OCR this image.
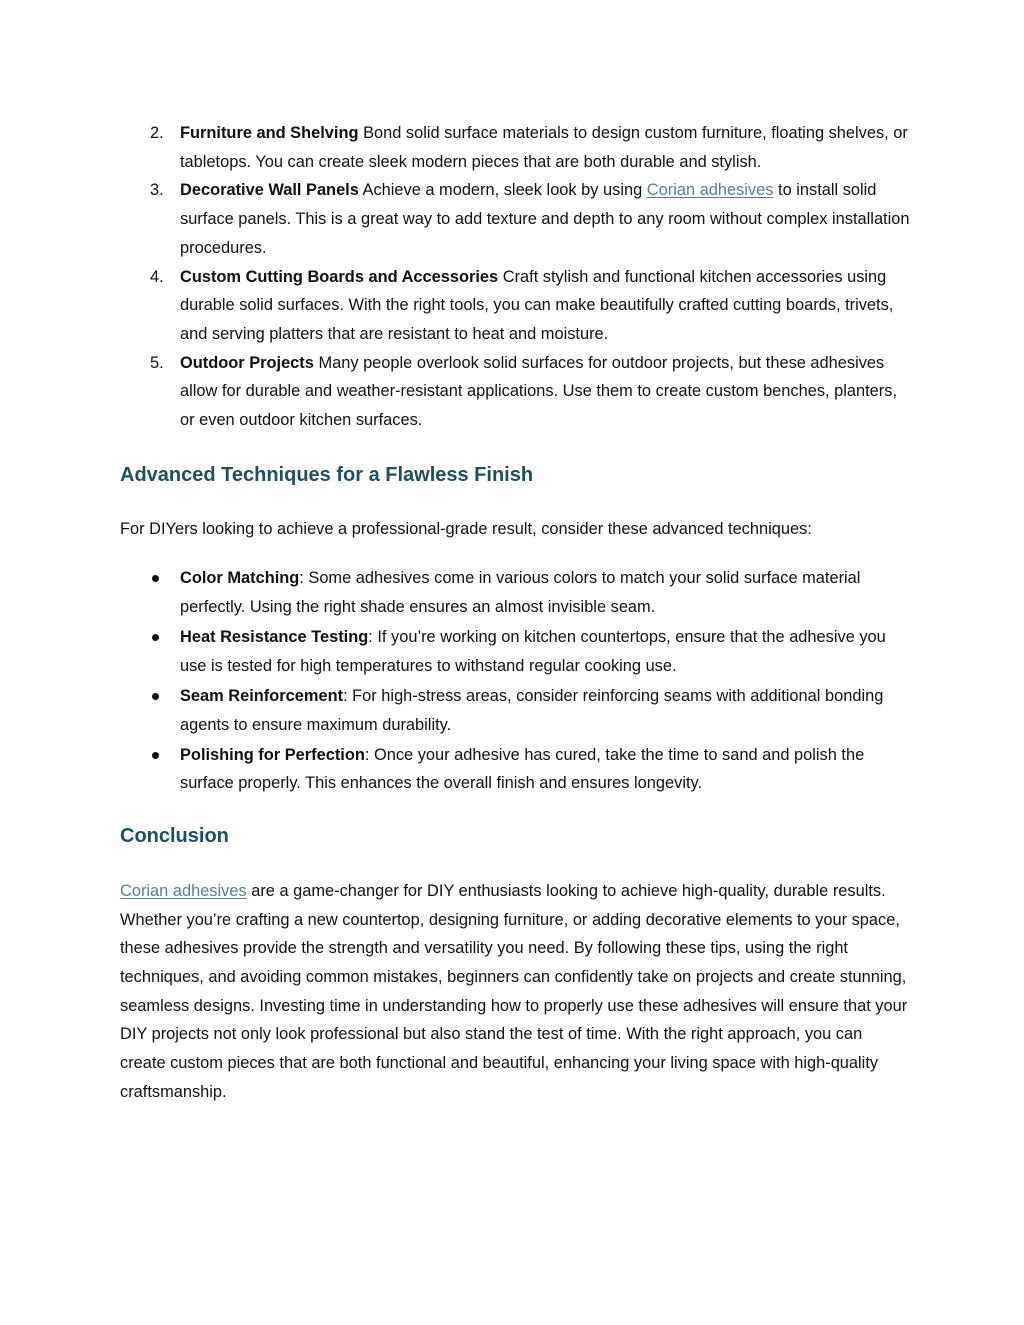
2. Furniture and Shelving Bond solid surface materials to design custom furniture, floating shelves, or tabletops. You can create sleek modern pieces that are both durable and stylish.
3. Decorative Wall Panels Achieve a modern, sleek look by using Corian adhesives to install solid surface panels. This is a great way to add texture and depth to any room without complex installation procedures.
4. Custom Cutting Boards and Accessories Craft stylish and functional kitchen accessories using durable solid surfaces. With the right tools, you can make beautifully crafted cutting boards, trivets, and serving platters that are resistant to heat and moisture.
5. Outdoor Projects Many people overlook solid surfaces for outdoor projects, but these adhesives allow for durable and weather-resistant applications. Use them to create custom benches, planters, or even outdoor kitchen surfaces.
Advanced Techniques for a Flawless Finish

For DIYers looking to achieve a professional-grade result, consider these advanced techniques:

Color Matching: Some adhesives come in various colors to match your solid surface material perfectly. Using the right shade ensures an almost invisible seam.
Heat Resistance Testing: If you’re working on kitchen countertops, ensure that the adhesive you use is tested for high temperatures to withstand regular cooking use.
Seam Reinforcement: For high-stress areas, consider reinforcing seams with additional bonding agents to ensure maximum durability.
Polishing for Perfection: Once your adhesive has cured, take the time to sand and polish the surface properly. This enhances the overall finish and ensures longevity.
Conclusion

Corian adhesives are a game-changer for DIY enthusiasts looking to achieve high-quality, durable results. Whether you’re crafting a new countertop, designing furniture, or adding decorative elements to your space, these adhesives provide the strength and versatility you need. By following these tips, using the right techniques, and avoiding common mistakes, beginners can confidently take on projects and create stunning, seamless designs. Investing time in understanding how to properly use these adhesives will ensure that your DIY projects not only look professional but also stand the test of time. With the right approach, you can create custom pieces that are both functional and beautiful, enhancing your living space with high-quality craftsmanship.
